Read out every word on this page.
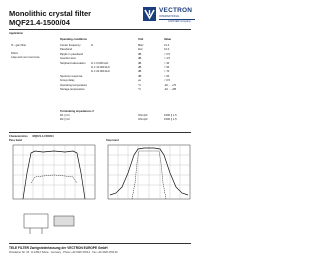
Monolithic crystal filter
MQF21.4-1500/04
VECTRON
INTERNATIONAL
A DOVER company
Application
IF - gain filter
Fillers
Ldqo and xxxx tool cross
Operating conditions	Unit	Value
Center frequency	fo	MHz	21.4
Passband	kHz	±2.0
Ripple in passband	dB	< 0.5
Insertion loss	dB	< 4.5
Stopband attenuation fo ± 6.000 kHz	dB	> 30
fo ± 10.000 kHz	dB	> 60
fo ± 20.000 kHz	dB	> 70
Spurious response	dB	> 60
Group delay	µs	< 0.5
Operating temperature	°C	-20 ... +70
Storage temperature	°C	-40 ... +85
Terminating impedances Z
R1 || C1	Ohm/pF	1500 || 1.5
R2 || C2	Ohm/pF	1500 || 1.5
Characteristics MQF21.4-1500/04
Pass band	Stop band
TELE FILTER Zweigniederlassung der VECTRON EUROPE GmbH
Potsdamer Str. 18 · D-14513 Teltow · Germany · Phone +49 3328 4784-0 · Fax +49 3328 4784-30
